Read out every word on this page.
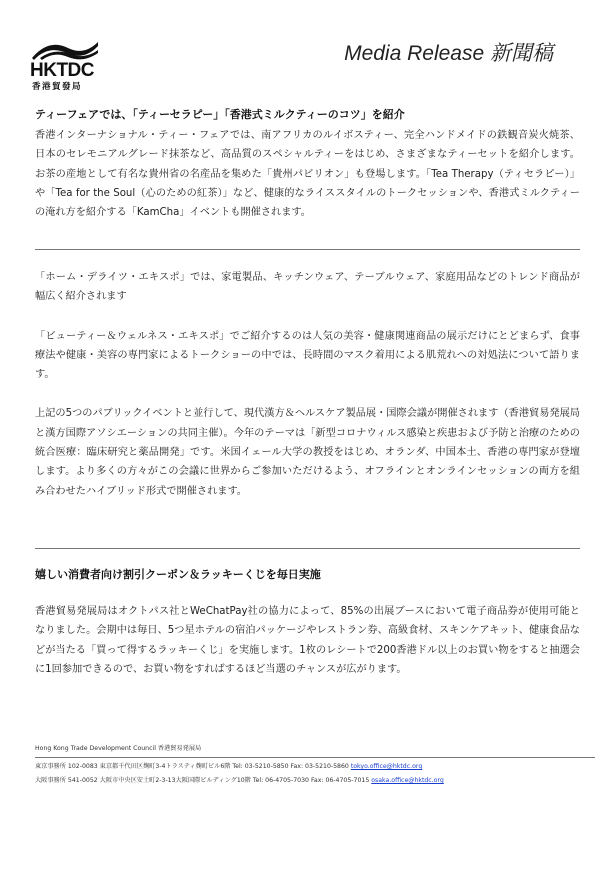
HKTDC
香港貿發局
Media Release 新聞稿
ティーフェアでは、「ティーセラピー」「香港式ミルクティーのコツ」を紹介
香港インターナショナル・ティー・フェアでは、南アフリカのルイボスティー、完全ハンドメイドの鉄観音炭火焼茶、日本のセレモニアルグレード抹茶など、高品質のスペシャルティーをはじめ、さまざまなティーセットを紹介します。お茶の産地として有名な貴州省の名産品を集めた「貴州パビリオン」も登場します。「Tea Therapy（ティセラピー）」や「Tea for the Soul（心のための紅茶）」など、健康的なライススタイルのトークセッションや、香港式ミルクティーの淹れ方を紹介する「KamCha」イベントも開催されます。
「ホーム・デライツ・エキスポ」では、家電製品、キッチンウェア、テーブルウェア、家庭用品などのトレンド商品が幅広く紹介されます
「ビューティー＆ウェルネス・エキスポ」でご紹介するのは人気の美容・健康関連商品の展示だけにとどまらず、食事療法や健康・美容の専門家によるトークショーの中では、長時間のマスク着用による肌荒れへの対処法について語ります。
上記の5つのパブリックイベントと並行して、現代漢方＆ヘルスケア製品展・国際会議が開催されます（香港貿易発展局と漢方国際アソシエーションの共同主催）。今年のテーマは「新型コロナウィルス感染と疾患および予防と治療のための統合医療：臨床研究と薬品開発」です。米国イェール大学の教授をはじめ、オランダ、中国本土、香港の専門家が登壇します。より多くの方々がこの会議に世界からご参加いただけるよう、オフラインとオンラインセッションの両方を組み合わせたハイブリッド形式で開催されます。
嬉しい消費者向け割引クーポン＆ラッキーくじを毎日実施
香港貿易発展局はオクトパス社とWeChatPay社の協力によって、85%の出展ブースにおいて電子商品券が使用可能となりました。会期中は毎日、5つ星ホテルの宿泊パッケージやレストラン券、高級食材、スキンケアキット、健康食品などが当たる「買って得するラッキーくじ」を実施します。1枚のレシートで200香港ドル以上のお買い物をすると抽選会に1回参加できるので、お買い物をすればするほど当選のチャンスが広がります。
Hong Kong Trade Development Council 香港貿易発展局
東京事務所 102-0083 東京都千代田区麹町3-4トラスティ麹町ビル6階 Tel: 03-5210-5850 Fax: 03-5210-5860 tokyo.office@hktdc.org
大阪事務所 541-0052 大阪市中央区安土町2-3-13大阪国際ビルディング10階 Tel: 06-4705-7030 Fax: 06-4705-7015 osaka.office@hktdc.org
